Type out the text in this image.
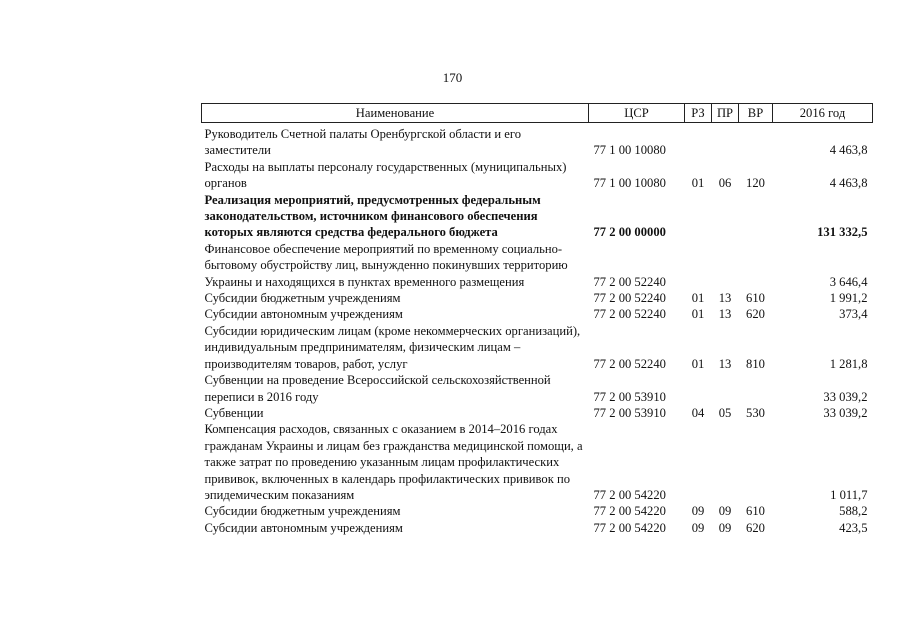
170
Наименование	ЦСР	РЗ	ПР	ВР	2016 год
Руководитель Счетной палаты Оренбургской области и его заместители	77 1 00 10080				4 463,8
Расходы на выплаты персоналу государственных (муниципальных) органов	77 1 00 10080	01	06	120	4 463,8
Реализация мероприятий, предусмотренных федеральным законодательством, источником финансового обеспечения которых являются средства федерального бюджета	77 2 00 00000				131 332,5
Финансовое обеспечение мероприятий по временному социально-бытовому обустройству лиц, вынужденно покинувших территорию Украины и находящихся в пунктах временного размещения	77 2 00 52240				3 646,4
Субсидии бюджетным учреждениям	77 2 00 52240	01	13	610	1 991,2
Субсидии автономным учреждениям	77 2 00 52240	01	13	620	373,4
Субсидии юридическим лицам (кроме некоммерческих организаций), индивидуальным предпринимателям, физическим лицам – производителям товаров, работ, услуг	77 2 00 52240	01	13	810	1 281,8
Субвенции на проведение Всероссийской сельскохозяйственной переписи в 2016 году	77 2 00 53910				33 039,2
Субвенции	77 2 00 53910	04	05	530	33 039,2
Компенсация расходов, связанных с оказанием в 2014–2016 годах гражданам Украины и лицам без гражданства медицинской помощи, а также затрат по проведению указанным лицам профилактических прививок, включенных в календарь профилактических прививок по эпидемическим показаниям	77 2 00 54220				1 011,7
Субсидии бюджетным учреждениям	77 2 00 54220	09	09	610	588,2
Субсидии автономным учреждениям	77 2 00 54220	09	09	620	423,5
